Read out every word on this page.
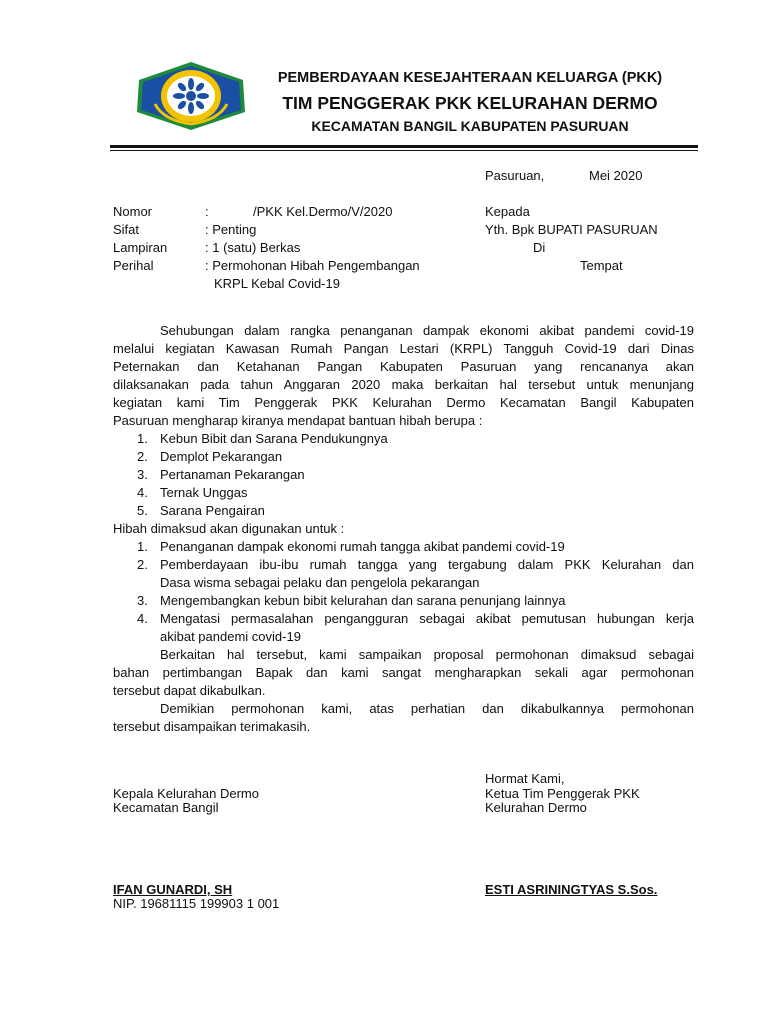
PEMBERDAYAAN KESEJAHTERAAN KELUARGA (PKK)
TIM PENGGERAK PKK KELURAHAN DERMO
KECAMATAN BANGIL KABUPATEN PASURUAN
Pasuruan,	Mei 2020
Nomor	:	/PKK Kel.Dermo/V/2020
Sifat	: Penting
Lampiran	: 1 (satu) Berkas
Perihal	: Permohonan Hibah Pengembangan
KRPL Kebal Covid-19
Kepada
Yth. Bpk BUPATI PASURUAN
Di
Tempat
Sehubungan dalam rangka penanganan dampak ekonomi akibat pandemi covid-19
melalui kegiatan Kawasan Rumah Pangan Lestari (KRPL) Tangguh Covid-19 dari Dinas
Peternakan dan Ketahanan Pangan Kabupaten Pasuruan yang rencananya akan
dilaksanakan pada tahun Anggaran 2020 maka berkaitan hal tersebut untuk menunjang
kegiatan kami Tim Penggerak PKK Kelurahan Dermo Kecamatan Bangil Kabupaten
Pasuruan mengharap kiranya mendapat bantuan hibah berupa :
1. Kebun Bibit dan Sarana Pendukungnya
2. Demplot Pekarangan
3. Pertanaman Pekarangan
4. Ternak Unggas
5. Sarana Pengairan
Hibah dimaksud akan digunakan untuk :
1. Penanganan dampak ekonomi rumah tangga akibat pandemi covid-19
2. Pemberdayaan ibu-ibu rumah tangga yang tergabung dalam PKK Kelurahan dan
Dasa wisma sebagai pelaku dan pengelola pekarangan
3. Mengembangkan kebun bibit kelurahan dan sarana penunjang lainnya
4. Mengatasi permasalahan pengangguran sebagai akibat pemutusan hubungan kerja
akibat pandemi covid-19
Berkaitan hal tersebut, kami sampaikan proposal permohonan dimaksud sebagai
bahan pertimbangan Bapak dan kami sangat mengharapkan sekali agar permohonan
tersebut dapat dikabulkan.
Demikian permohonan kami, atas perhatian dan dikabulkannya permohonan
tersebut disampaikan terimakasih.
Hormat Kami,
Kepala Kelurahan Dermo	Ketua Tim Penggerak PKK
Kecamatan Bangil	Kelurahan Dermo
IFAN GUNARDI, SH	ESTI ASRININGTYAS S.Sos.
NIP. 19681115 199903 1 001
